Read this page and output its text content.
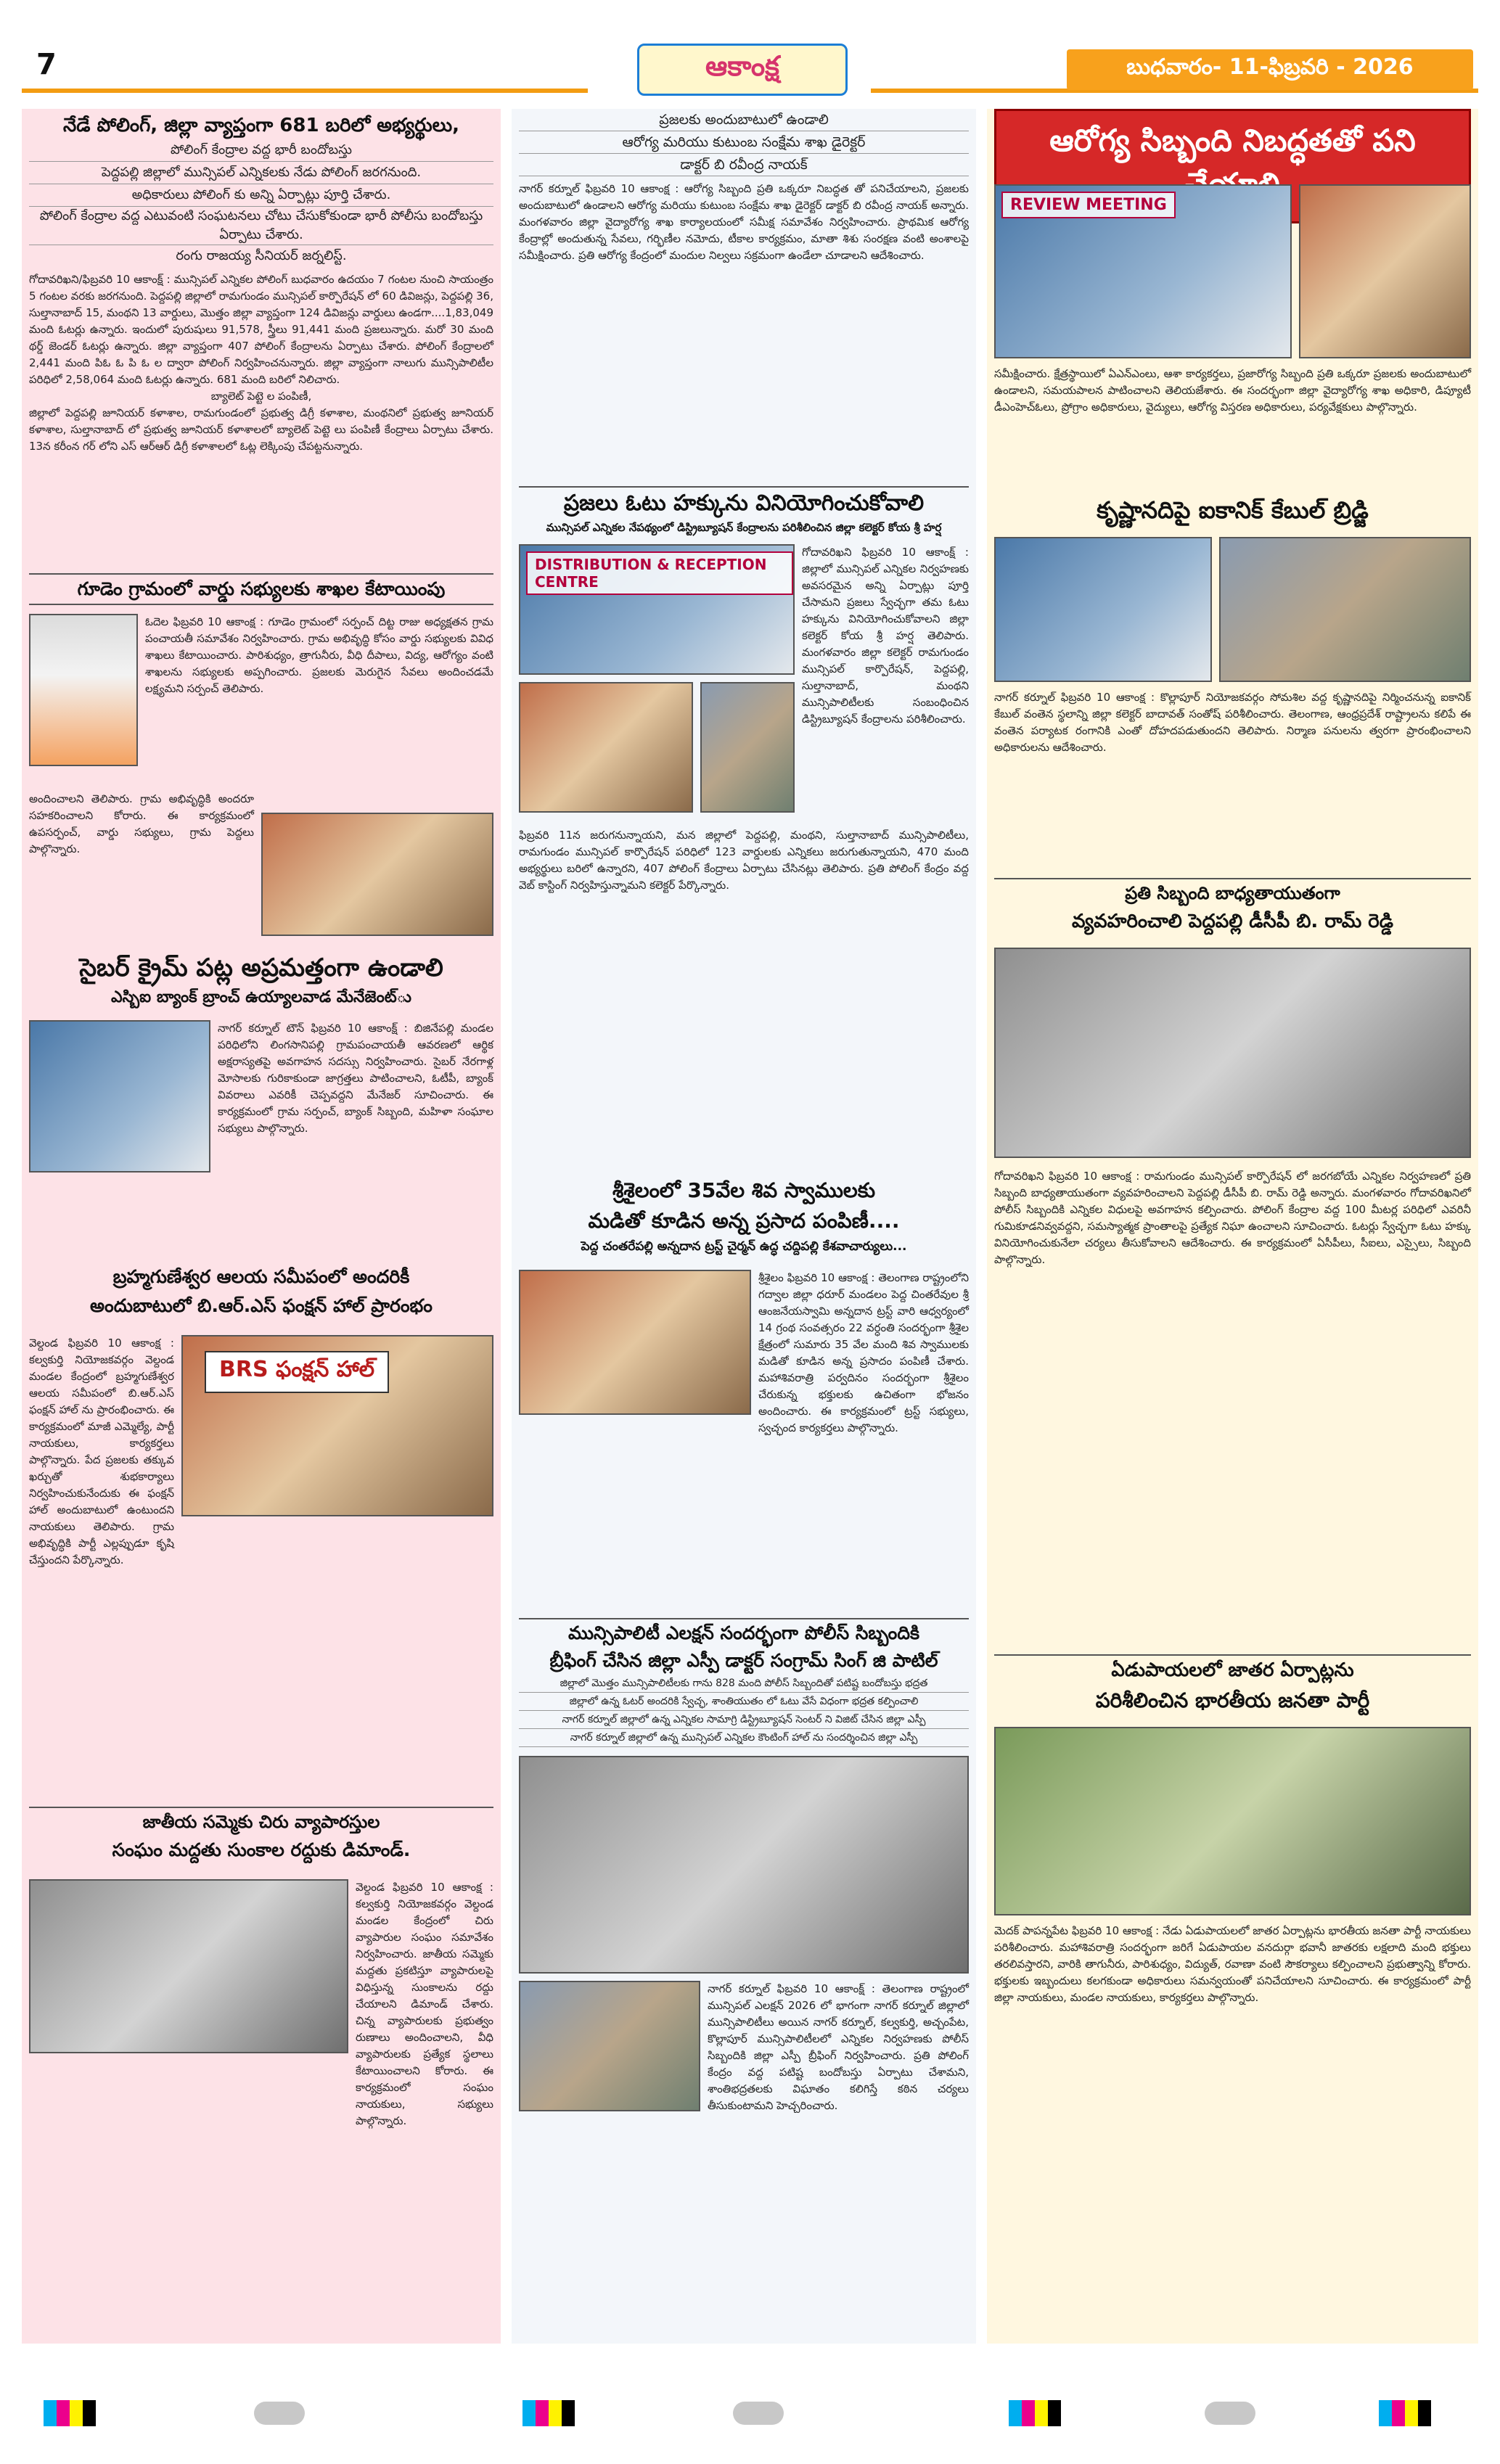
7	ఆకాంక్ష	బుధవారం- 11-ఫిబ్రవరి - 2026
నేడే పోలింగ్, జిల్లా వ్యాప్తంగా 681 బరిలో అభ్యర్థులు,
పోలింగ్ కేంద్రాల వద్ద భారీ బందోబస్తు
పెద్దపల్లి జిల్లాలో మున్సిపల్ ఎన్నికలకు నేడు పోలింగ్ జరగనుంది.
అధికారులు పోలింగ్ కు అన్ని ఏర్పాట్లు పూర్తి చేశారు.
పోలింగ్ కేంద్రాల వద్ద ఎటువంటి సంఘటనలు చోటు చేసుకోకుండా భారీ పోలీసు బందోబస్తు ఏర్పాటు చేశారు.
రంగు రాజయ్య సీనియర్ జర్నలిస్ట్.

గోదావరిఖని/ఫిబ్రవరి 10 ఆకాంక్ష్ : మున్సిపల్ ఎన్నికల పోలింగ్ బుధవారం ఉదయం 7 గంటల నుంచి సాయంత్రం 5 గంటల వరకు జరగనుంది. పెద్దపల్లి జిల్లాలో రామగుండం మున్సిపల్ కార్పొరేషన్ లో 60 డివిజన్లు, పెద్దపల్లి 36, సుల్తానాబాద్ 15, మంథని 13 వార్డులు, మొత్తం జిల్లా వ్యాప్తంగా 124 డివిజన్లు వార్డులు ఉండగా....1,83,049 మంది ఓటర్లు ఉన్నారు. ఇందులో పురుషులు 91,578, స్త్రీలు 91,441 మంది ప్రజలున్నారు. మరో 30 మంది థర్డ్ జెండర్ ఓటర్లు ఉన్నారు. జిల్లా వ్యాప్తంగా 407 పోలింగ్ కేంద్రాలను ఏర్పాటు చేశారు. పోలింగ్ కేంద్రాలలో 2,441 మంది పిఓ ఓ పి ఓ ల ద్వారా పోలింగ్ నిర్వహించనున్నారు. జిల్లా వ్యాప్తంగా నాలుగు మున్సిపాలిటీల పరిధిలో 2,58,064 మంది ఓటర్లు ఉన్నారు. 681 మంది బరిలో నిలిచారు.

బ్యాలెట్ పెట్టె ల పంపిణీ,

జిల్లాలో పెద్దపల్లి జూనియర్ కళాశాల, రామగుండంలో ప్రభుత్వ డిగ్రీ కళాశాల, మంథనిలో ప్రభుత్వ జూనియర్ కళాశాల, సుల్తానాబాద్ లో ప్రభుత్వ జూనియర్ కళాశాలలో బ్యాలెట్ పెట్టె లు పంపిణీ కేంద్రాలు ఏర్పాటు చేశారు. 13న కరీంన గర్ లోని ఎస్ ఆర్ఆర్ డిగ్రీ కళాశాలలో ఓట్ల లెక్కింపు చేపట్టనున్నారు.

గూడెం గ్రామంలో వార్డు సభ్యులకు శాఖల కేటాయింపు

ఓదెల ఫిబ్రవరి 10 ఆకాంక్ష : గూడెం గ్రామంలో సర్పంచ్ దిట్ట రాజు అధ్యక్షతన గ్రామ పంచాయతీ సమావేశం నిర్వహించారు. గ్రామ అభివృద్ధి కోసం వార్డు సభ్యులకు వివిధ శాఖలు కేటాయించారు. పారిశుధ్యం, త్రాగునీరు, వీధి దీపాలు, విద్య, ఆరోగ్యం వంటి శాఖలను సభ్యులకు అప్పగించారు. ప్రజలకు మెరుగైన సేవలు అందించడమే లక్ష్యమని సర్పంచ్ తెలిపారు.

అందించాలని తెలిపారు. గ్రామ అభివృద్ధికి అందరూ సహకరించాలని కోరారు. ఈ కార్యక్రమంలో ఉపసర్పంచ్, వార్డు సభ్యులు, గ్రామ పెద్దలు పాల్గొన్నారు.

సైబర్ క్రైమ్ పట్ల అప్రమత్తంగా ఉండాలి
ఎస్బిఐ బ్యాంక్ బ్రాంచ్ ఉయ్యాలవాడ మేనేజెంట్ు

నాగర్ కర్నూల్ టౌన్ ఫిబ్రవరి 10 ఆకాంక్ష్ : బిజినేపల్లి మండల పరిధిలోని లింగసానిపల్లి గ్రామపంచాయతీ ఆవరణలో ఆర్థిక అక్షరాస్యతపై అవగాహన సదస్సు నిర్వహించారు. సైబర్ నేరగాళ్ల మోసాలకు గురికాకుండా జాగ్రత్తలు పాటించాలని, ఓటీపీ, బ్యాంక్ వివరాలు ఎవరికీ చెప్పవద్దని మేనేజర్ సూచించారు. ఈ కార్యక్రమంలో గ్రామ సర్పంచ్, బ్యాంక్ సిబ్బంది, మహిళా సంఘాల సభ్యులు పాల్గొన్నారు.

బ్రహ్మగుణేశ్వర ఆలయ సమీపంలో అందరికీ
అందుబాటులో బి.ఆర్.ఎస్ ఫంక్షన్ హాల్ ప్రారంభం

వెల్దండ ఫిబ్రవరి 10 ఆకాంక్ష : కల్వకుర్తి నియోజకవర్గం వెల్దండ మండల కేంద్రంలో బ్రహ్మగుణేశ్వర ఆలయ సమీపంలో బి.ఆర్.ఎస్ ఫంక్షన్ హాల్ ను ప్రారంభించారు. ఈ కార్యక్రమంలో మాజీ ఎమ్మెల్యే, పార్టీ నాయకులు, కార్యకర్తలు పాల్గొన్నారు. పేద ప్రజలకు తక్కువ ఖర్చుతో శుభకార్యాలు నిర్వహించుకునేందుకు ఈ ఫంక్షన్ హాల్ అందుబాటులో ఉంటుందని నాయకులు తెలిపారు. గ్రామ అభివృద్ధికి పార్టీ ఎల్లప్పుడూ కృషి చేస్తుందని పేర్కొన్నారు.

BRS ఫంక్షన్ హాల్
జాతీయ సమ్మెకు చిరు వ్యాపారస్తుల
సంఘం మద్దతు సుంకాల రద్దుకు డిమాండ్.

వెల్దండ ఫిబ్రవరి 10 ఆకాంక్ష : కల్వకుర్తి నియోజకవర్గం వెల్దండ మండల కేంద్రంలో చిరు వ్యాపారుల సంఘం సమావేశం నిర్వహించారు. జాతీయ సమ్మెకు మద్దతు ప్రకటిస్తూ వ్యాపారులపై విధిస్తున్న సుంకాలను రద్దు చేయాలని డిమాండ్ చేశారు. చిన్న వ్యాపారులకు ప్రభుత్వం రుణాలు అందించాలని, వీధి వ్యాపారులకు ప్రత్యేక స్థలాలు కేటాయించాలని కోరారు. ఈ కార్యక్రమంలో సంఘం నాయకులు, సభ్యులు పాల్గొన్నారు.

ప్రజలకు అందుబాటులో ఉండాలి
ఆరోగ్య మరియు కుటుంబ సంక్షేమ శాఖ డైరెక్టర్
డాక్టర్ బి రవీంద్ర నాయక్

నాగర్ కర్నూల్ ఫిబ్రవరి 10 ఆకాంక్ష : ఆరోగ్య సిబ్బంది ప్రతి ఒక్కరూ నిబద్ధత తో పనిచేయాలని, ప్రజలకు అందుబాటులో ఉండాలని ఆరోగ్య మరియు కుటుంబ సంక్షేమ శాఖ డైరెక్టర్ డాక్టర్ బి రవీంద్ర నాయక్ అన్నారు. మంగళవారం జిల్లా వైద్యారోగ్య శాఖ కార్యాలయంలో సమీక్ష సమావేశం నిర్వహించారు. ప్రాథమిక ఆరోగ్య కేంద్రాల్లో అందుతున్న సేవలు, గర్భిణీల నమోదు, టీకాల కార్యక్రమం, మాతా శిశు సంరక్షణ వంటి అంశాలపై సమీక్షించారు. ప్రతి ఆరోగ్య కేంద్రంలో మందుల నిల్వలు సక్రమంగా ఉండేలా చూడాలని ఆదేశించారు.

ప్రజలు ఓటు హక్కును వినియోగించుకోవాలి
మున్సిపల్ ఎన్నికల నేపథ్యంలో డిస్ట్రిబ్యూషన్ కేంద్రాలను పరిశీలించిన జిల్లా కలెక్టర్ కోయ శ్రీ హర్ష
DISTRIBUTION & RECEPTION CENTRE

గోదావరిఖని ఫిబ్రవరి 10 ఆకాంక్ష్ : జిల్లాలో మున్సిపల్ ఎన్నికల నిర్వహణకు అవసరమైన అన్ని ఏర్పాట్లు పూర్తి చేసామని ప్రజలు స్వేచ్ఛగా తమ ఓటు హక్కును వినియోగించుకోవాలని జిల్లా కలెక్టర్ కోయ శ్రీ హర్ష తెలిపారు. మంగళవారం జిల్లా కలెక్టర్ రామగుండం మున్సిపల్ కార్పొరేషన్, పెద్దపల్లి, సుల్తానాబాద్, మంథని మున్సిపాలిటీలకు సంబంధించిన డిస్ట్రిబ్యూషన్ కేంద్రాలను పరిశీలించారు.

ఫిబ్రవరి 11న జరుగనున్నాయని, మన జిల్లాలో పెద్దపల్లి, మంథని, సుల్తానాబాద్ మున్సిపాలిటీలు, రామగుండం మున్సిపల్ కార్పొరేషన్ పరిధిలో 123 వార్డులకు ఎన్నికలు జరుగుతున్నాయని, 470 మంది అభ్యర్థులు బరిలో ఉన్నారని, 407 పోలింగ్ కేంద్రాలు ఏర్పాటు చేసినట్లు తెలిపారు. ప్రతి పోలింగ్ కేంద్రం వద్ద వెబ్ కాస్టింగ్ నిర్వహిస్తున్నామని కలెక్టర్ పేర్కొన్నారు.

శ్రీశైలంలో 35వేల శివ స్వాములకు
మడితో కూడిన అన్న ప్రసాద పంపిణీ....
పెద్ద చంతరేపల్లి అన్నదాన ట్రస్ట్ చైర్మన్ ఉద్ధ చద్దిపల్లి కేశవాచార్యులు...

శ్రీశైలం ఫిబ్రవరి 10 ఆకాంక్ష : తెలంగాణ రాష్ట్రంలోని గద్వాల జిల్లా ధరూర్ మండలం పెద్ద చింతరేవుల శ్రీ ఆంజనేయస్వామి అన్నదాన ట్రస్ట్ వారి ఆధ్వర్యంలో 14 గ్రంథ సంవత్సరం 22 వర్ధంతి సందర్భంగా శ్రీశైల క్షేత్రంలో సుమారు 35 వేల మంది శివ స్వాములకు మడితో కూడిన అన్న ప్రసాదం పంపిణీ చేశారు. మహాశివరాత్రి పర్వదినం సందర్భంగా శ్రీశైలం చేరుకున్న భక్తులకు ఉచితంగా భోజనం అందించారు. ఈ కార్యక్రమంలో ట్రస్ట్ సభ్యులు, స్వచ్ఛంద కార్యకర్తలు పాల్గొన్నారు.

మున్సిపాలిటీ ఎలక్షన్ సందర్భంగా పోలీస్ సిబ్బందికి
బ్రీఫింగ్ చేసిన జిల్లా ఎస్పీ డాక్టర్ సంగ్రామ్ సింగ్ జి పాటిల్
జిల్లాలో మొత్తం మున్సిపాలిటీలకు గాను 828 మంది పోలీస్ సిబ్బందితో పటిష్ట బందోబస్తు భద్రత
జిల్లాలో ఉన్న ఓటర్ అందరికి స్వేచ్ఛ, శాంతియుతం లో ఓటు వేసే విధంగా భద్రత కల్పించాలి
నాగర్ కర్నూల్ జిల్లాలో ఉన్న ఎన్నికల సామాగ్రి డిస్ట్రిబ్యూషన్ సెంటర్ ని విజిట్ చేసిన జిల్లా ఎస్పీ
నాగర్ కర్నూల్ జిల్లాలో ఉన్న మున్సిపల్ ఎన్నికల కౌంటింగ్ హాల్ ను సందర్శించిన జిల్లా ఎస్పీ

నాగర్ కర్నూల్ ఫిబ్రవరి 10 ఆకాంక్ష్ : తెలంగాణ రాష్ట్రంలో మున్సిపల్ ఎలక్షన్ 2026 లో భాగంగా నాగర్ కర్నూల్ జిల్లాలో మున్సిపాలిటీలు అయిన నాగర్ కర్నూల్, కల్వకుర్తి, అచ్చంపేట, కొల్లాపూర్ మున్సిపాలిటీలలో ఎన్నికల నిర్వహణకు పోలీస్ సిబ్బందికి జిల్లా ఎస్పీ బ్రీఫింగ్ నిర్వహించారు. ప్రతి పోలింగ్ కేంద్రం వద్ద పటిష్ట బందోబస్తు ఏర్పాటు చేశామని, శాంతిభద్రతలకు విఘాతం కలిగిస్తే కఠిన చర్యలు తీసుకుంటామని హెచ్చరించారు.

ఆరోగ్య సిబ్బంది నిబద్ధతతో పని
REVIEW MEETING

సమీక్షించారు. క్షేత్రస్థాయిలో ఏఎన్ఎంలు, ఆశా కార్యకర్తలు, ప్రజారోగ్య సిబ్బంది ప్రతి ఒక్కరూ ప్రజలకు అందుబాటులో ఉండాలని, సమయపాలన పాటించాలని తెలియజేశారు. ఈ సందర్భంగా జిల్లా వైద్యారోగ్య శాఖ అధికారి, డిప్యూటీ డీఎంహెచ్ఓలు, ప్రోగ్రాం అధికారులు, వైద్యులు, ఆరోగ్య విస్తరణ అధికారులు, పర్యవేక్షకులు పాల్గొన్నారు.

కృష్ణానదిపై ఐకానిక్ కేబుల్ బ్రిడ్జి

నాగర్ కర్నూల్ ఫిబ్రవరి 10 ఆకాంక్ష : కొల్లాపూర్ నియోజకవర్గం సోమశిల వద్ద కృష్ణానదిపై నిర్మించనున్న ఐకానిక్ కేబుల్ వంతెన స్థలాన్ని జిల్లా కలెక్టర్ బాదావత్ సంతోష్ పరిశీలించారు. తెలంగాణ, ఆంధ్రప్రదేశ్ రాష్ట్రాలను కలిపే ఈ వంతెన పర్యాటక రంగానికి ఎంతో దోహదపడుతుందని తెలిపారు. నిర్మాణ పనులను త్వరగా ప్రారంభించాలని అధికారులను ఆదేశించారు.

ప్రతి సిబ్బంది బాధ్యతాయుతంగా
వ్యవహరించాలి పెద్దపల్లి డీసీపీ బి. రామ్ రెడ్డి

గోదావరిఖని ఫిబ్రవరి 10 ఆకాంక్ష : రామగుండం మున్సిపల్ కార్పొరేషన్ లో జరగబోయే ఎన్నికల నిర్వహణలో ప్రతి సిబ్బంది బాధ్యతాయుతంగా వ్యవహరించాలని పెద్దపల్లి డీసీపీ బి. రామ్ రెడ్డి అన్నారు. మంగళవారం గోదావరిఖనిలో పోలీస్ సిబ్బందికి ఎన్నికల విధులపై అవగాహన కల్పించారు. పోలింగ్ కేంద్రాల వద్ద 100 మీటర్ల పరిధిలో ఎవరినీ గుమికూడనివ్వవద్దని, సమస్యాత్మక ప్రాంతాలపై ప్రత్యేక నిఘా ఉంచాలని సూచించారు. ఓటర్లు స్వేచ్ఛగా ఓటు హక్కు వినియోగించుకునేలా చర్యలు తీసుకోవాలని ఆదేశించారు. ఈ కార్యక్రమంలో ఏసీపీలు, సీఐలు, ఎస్సైలు, సిబ్బంది పాల్గొన్నారు.

ఏడుపాయలలో జాతర ఏర్పాట్లను
పరిశీలించిన భారతీయ జనతా పార్టీ

మెదక్ పాపన్నపేట ఫిబ్రవరి 10 ఆకాంక్ష : నేడు ఏడుపాయలలో జాతర ఏర్పాట్లను భారతీయ జనతా పార్టీ నాయకులు పరిశీలించారు. మహాశివరాత్రి సందర్భంగా జరిగే ఏడుపాయల వనదుర్గా భవానీ జాతరకు లక్షలాది మంది భక్తులు తరలివస్తారని, వారికి తాగునీరు, పారిశుధ్యం, విద్యుత్, రవాణా వంటి సౌకర్యాలు కల్పించాలని ప్రభుత్వాన్ని కోరారు. భక్తులకు ఇబ్బందులు కలగకుండా అధికారులు సమన్వయంతో పనిచేయాలని సూచించారు. ఈ కార్యక్రమంలో పార్టీ జిల్లా నాయకులు, మండల నాయకులు, కార్యకర్తలు పాల్గొన్నారు.
